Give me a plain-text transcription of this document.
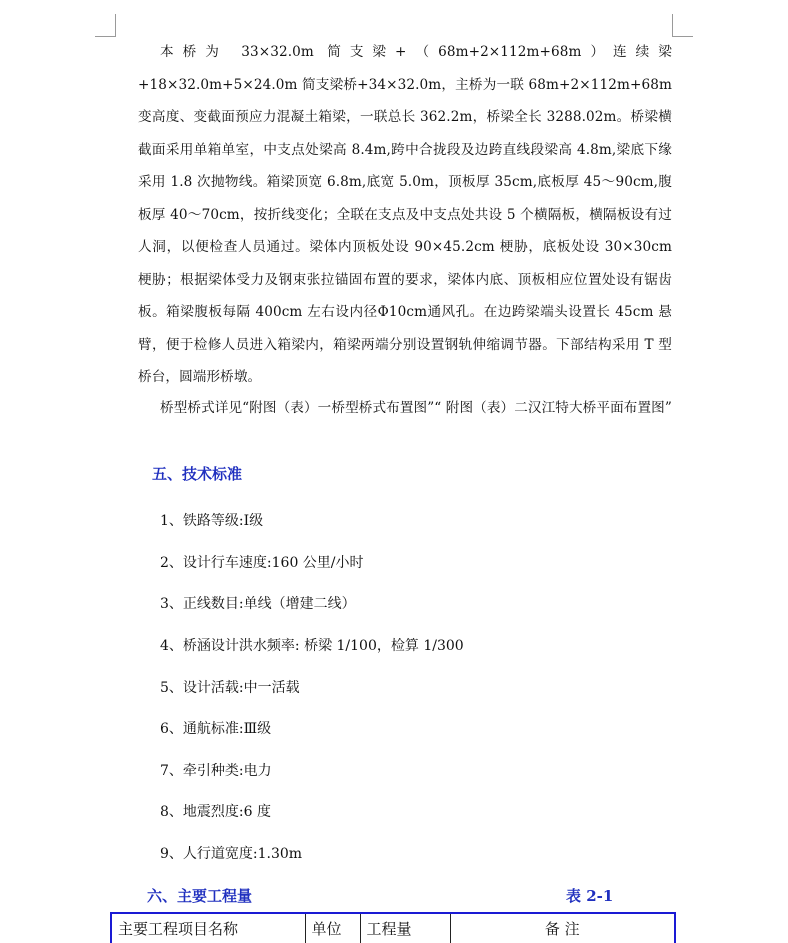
本桥为 33×32.0m 简支梁+（68m+2×112m+68m）连续梁+18×32.0m+5×24.0m 简支梁桥+34×32.0m，主桥为一联 68m+2×112m+68m 变高度、变截面预应力混凝土箱梁，一联总长 362.2m，桥梁全长 3288.02m。桥梁横截面采用单箱单室，中支点处梁高 8.4m,跨中合拢段及边跨直线段梁高 4.8m,梁底下缘采用 1.8 次抛物线。箱梁顶宽 6.8m,底宽 5.0m，顶板厚 35cm,底板厚 45～90cm,腹板厚 40～70cm，按折线变化；全联在支点及中支点处共设 5 个横隔板，横隔板设有过人洞，以便检查人员通过。梁体内顶板处设 90×45.2cm 梗胁，底板处设 30×30cm 梗胁；根据梁体受力及钢束张拉锚固布置的要求，梁体内底、顶板相应位置处设有锯齿板。箱梁腹板每隔 400cm 左右设内径Φ10cm通风孔。在边跨梁端头设置长 45cm 悬臂，便于检修人员进入箱梁内，箱梁两端分别设置钢轨伸缩调节器。下部结构采用 T 型桥台，圆端形桥墩。

桥型桥式详见“附图（表）一桥型桥式布置图”“ 附图（表）二汉江特大桥平面布置图”

五、技术标准
1、铁路等级:Ⅰ级
2、设计行车速度:160 公里/小时
3、正线数目:单线（增建二线）
4、桥涵设计洪水频率: 桥梁 1/100，检算 1/300
5、设计活载:中一活载
6、通航标准:Ⅲ级
7、牵引种类:电力
8、地震烈度:6 度
9、人行道宽度:1.30m
六、主要工程量	表 2-1
主要工程项目名称	单位	工程量	备 注
